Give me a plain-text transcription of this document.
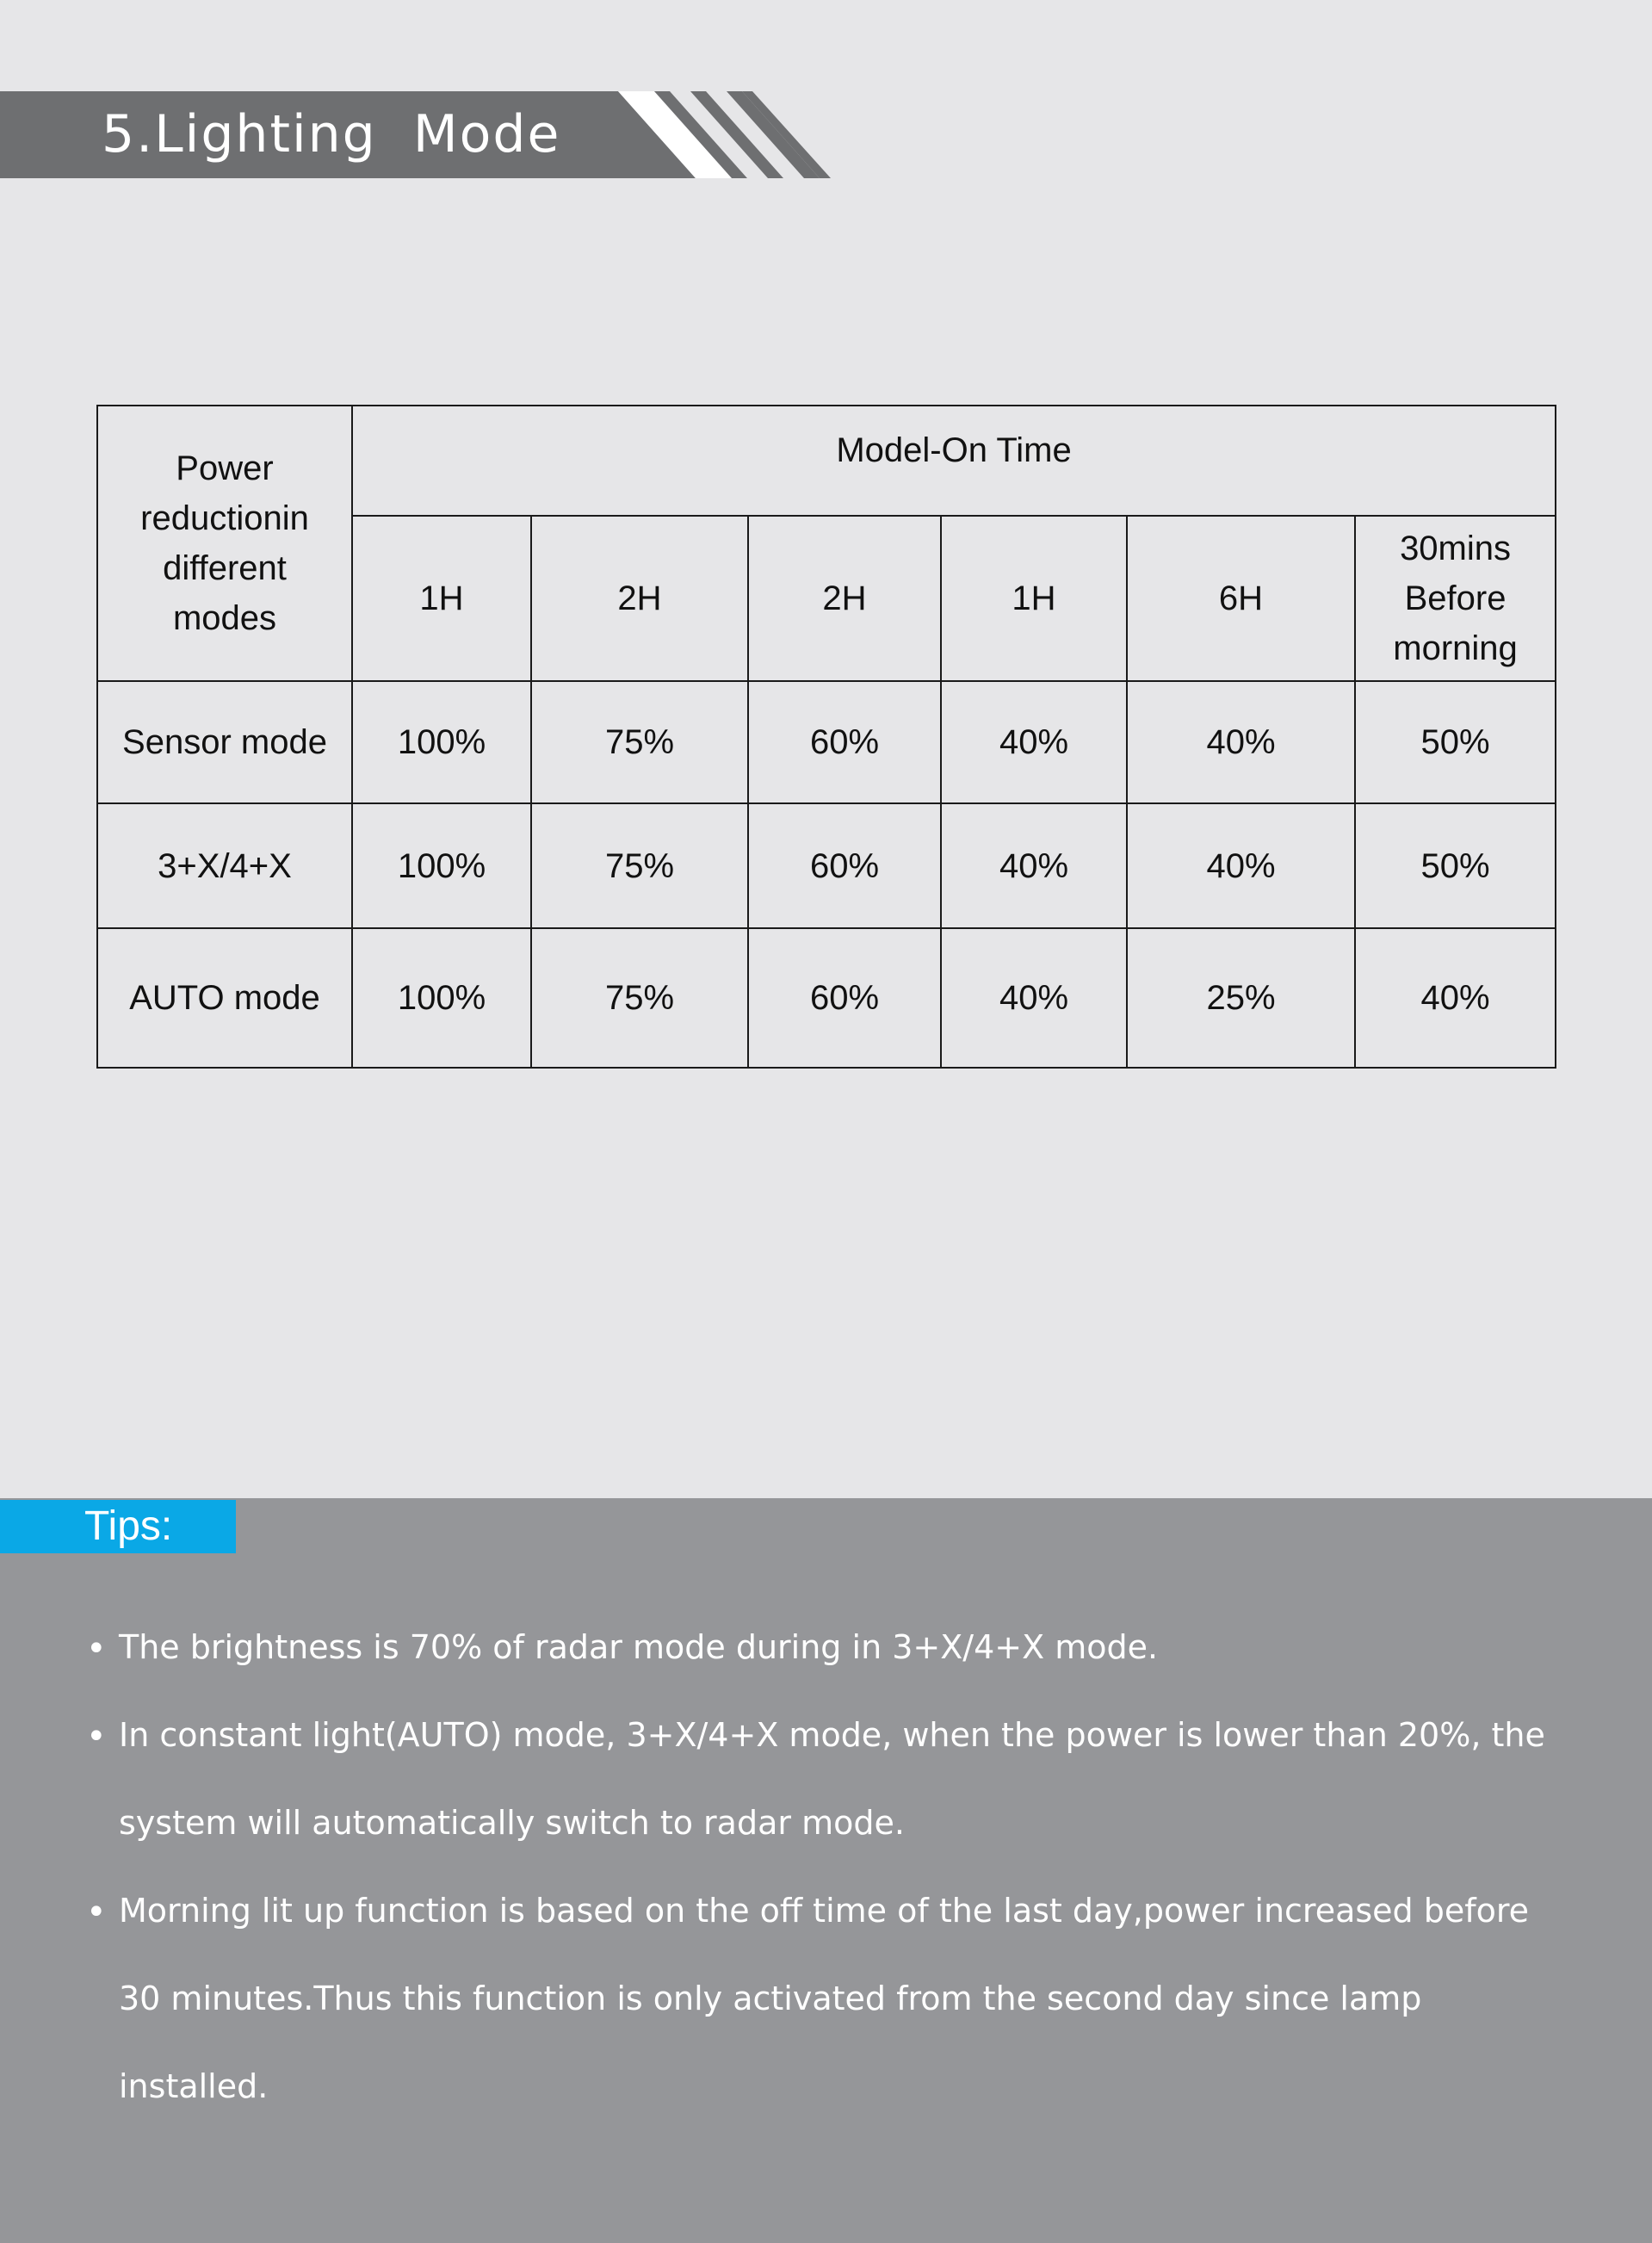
5.Lighting  Mode
Power
reductionin
different
modes	Model-On Time					
	1H	2H	2H	1H	6H	30mins
Before
morning
Sensor mode	100%	75%	60%	40%	40%	50%
3+X/4+X	100%	75%	60%	40%	40%	50%
AUTO mode	100%	75%	60%	40%	25%	40%
Tips:
• The brightness is 70% of radar mode during in 3+X/4+X mode.
• In constant light(AUTO) mode, 3+X/4+X mode, when the power is lower than 20%, the
system will automatically switch to radar mode.
• Morning lit up function is based on the off time of the last day,power increased before
30 minutes.Thus this function is only activated from the second day since lamp
installed.
